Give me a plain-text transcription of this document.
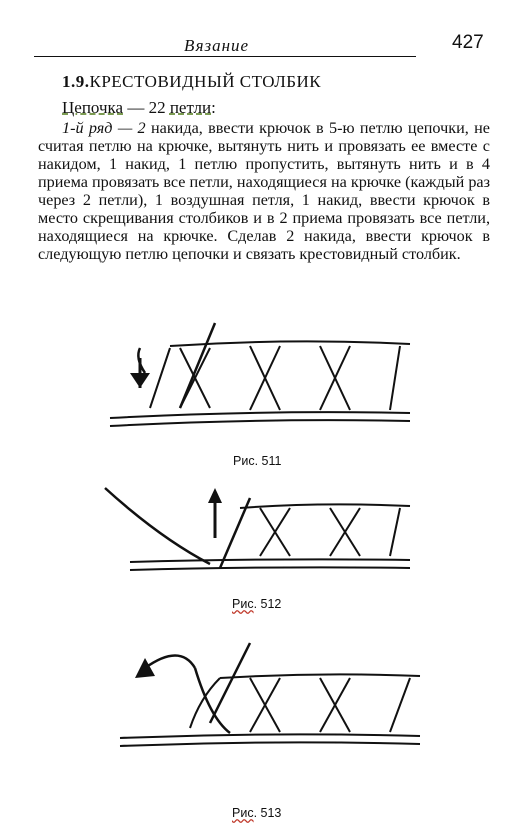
Вязание	427
1.9.КРЕСТОВИДНЫЙ СТОЛБИК
Цепочка — 22 петли:
1-й ряд — 2 накида, ввести крючок в 5-ю петлю цепочки, не считая петлю на крючке, вытянуть нить и провязать ее вместе с накидом, 1 накид, 1 петлю пропустить, вытянуть нить и в 4 приема провязать все петли, находящиеся на крючке (каждый раз через 2 петли), 1 воздушная петля, 1 накид, ввести крючок в место скрещивания столбиков и в 2 приема провязать все петли, находящиеся на крючке. Сделав 2 накида, ввести крючок в следующую петлю цепочки и связать крестовидный столбик.
Рис. 511
Рис. 512
Рис. 513
